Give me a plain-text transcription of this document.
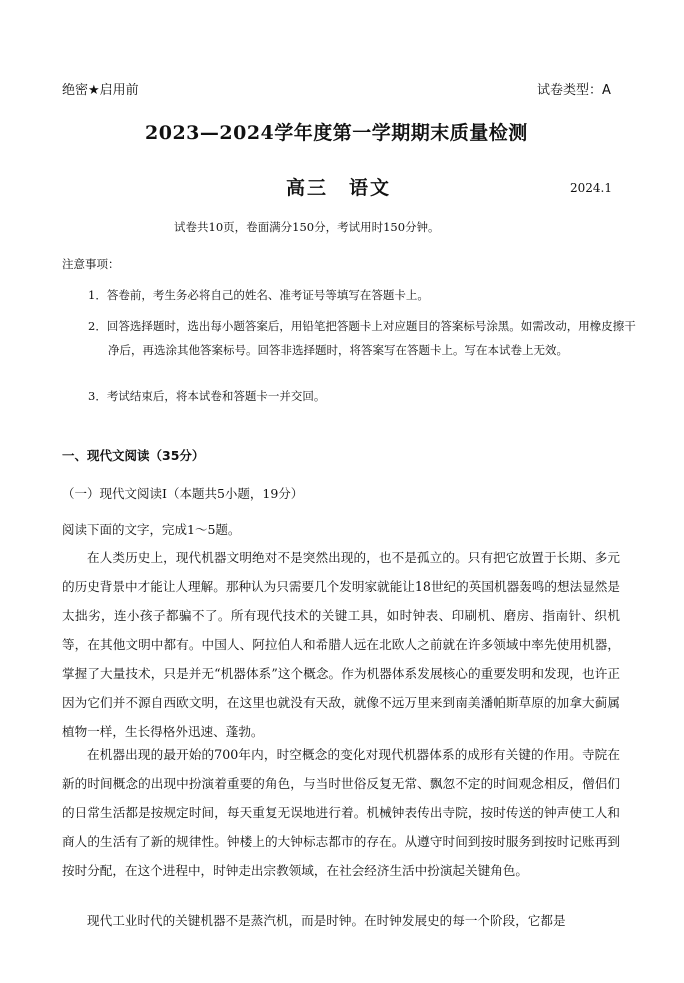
绝密★启用前	试卷类型：A
2023—2024学年度第一学期期末质量检测
高三　语文	2024.1
试卷共10页，卷面满分150分，考试用时150分钟。
注意事项：
1．答卷前，考生务必将自己的姓名、准考证号等填写在答题卡上。
2．回答选择题时，选出每小题答案后，用铅笔把答题卡上对应题目的答案标号涂黑。如需改动，用橡皮擦干净后，再选涂其他答案标号。回答非选择题时，将答案写在答题卡上。写在本试卷上无效。
3．考试结束后，将本试卷和答题卡一并交回。
一、现代文阅读（35分）
（一）现代文阅读Ⅰ（本题共5小题，19分）
阅读下面的文字，完成1～5题。
在人类历史上，现代机器文明绝对不是突然出现的，也不是孤立的。只有把它放置于长期、多元的历史背景中才能让人理解。那种认为只需要几个发明家就能让18世纪的英国机器轰鸣的想法显然是太拙劣，连小孩子都骗不了。所有现代技术的关键工具，如时钟表、印刷机、磨房、指南针、织机等，在其他文明中都有。中国人、阿拉伯人和希腊人远在北欧人之前就在许多领域中率先使用机器，掌握了大量技术，只是并无“机器体系”这个概念。作为机器体系发展核心的重要发明和发现，也许正因为它们并不源自西欧文明，在这里也就没有天敌，就像不远万里来到南美潘帕斯草原的加拿大蓟属植物一样，生长得格外迅速、蓬勃。
在机器出现的最开始的700年内，时空概念的变化对现代机器体系的成形有关键的作用。寺院在新的时间概念的出现中扮演着重要的角色，与当时世俗反复无常、飘忽不定的时间观念相反，僧侣们的日常生活都是按规定时间，每天重复无误地进行着。机械钟表传出寺院，按时传送的钟声使工人和商人的生活有了新的规律性。钟楼上的大钟标志都市的存在。从遵守时间到按时服务到按时记账再到按时分配，在这个进程中，时钟走出宗教领域，在社会经济生活中扮演起关键角色。
现代工业时代的关键机器不是蒸汽机，而是时钟。在时钟发展史的每一个阶段，它都是
